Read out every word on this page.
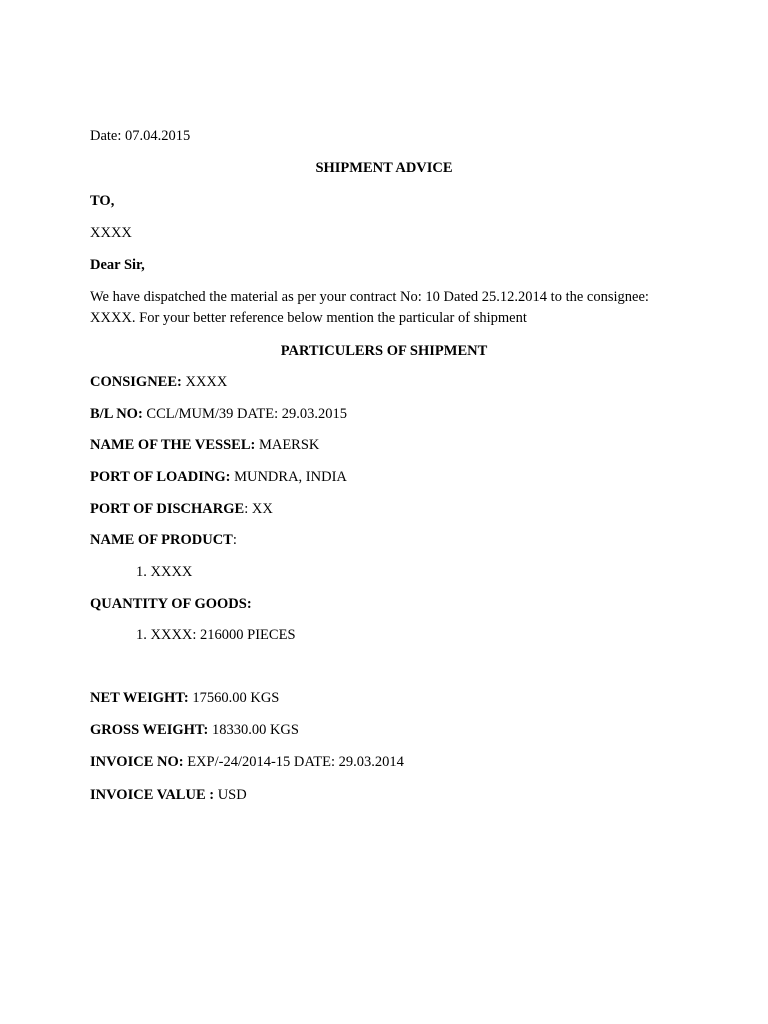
Date: 07.04.2015
SHIPMENT ADVICE
TO,
XXXX
Dear Sir,
We have dispatched the material as per your contract No: 10 Dated 25.12.2014 to the consignee:
XXXX. For your better reference below mention the particular of shipment
PARTICULERS OF SHIPMENT
CONSIGNEE: XXXX
B/L NO: CCL/MUM/39 DATE: 29.03.2015
NAME OF THE VESSEL: MAERSK
PORT OF LOADING: MUNDRA, INDIA
PORT OF DISCHARGE: XX
NAME OF PRODUCT:
1. XXXX
QUANTITY OF GOODS:
1. XXXX: 216000 PIECES
NET WEIGHT: 17560.00 KGS
GROSS WEIGHT: 18330.00 KGS
INVOICE NO: EXP/-24/2014-15 DATE: 29.03.2014
INVOICE VALUE : USD
